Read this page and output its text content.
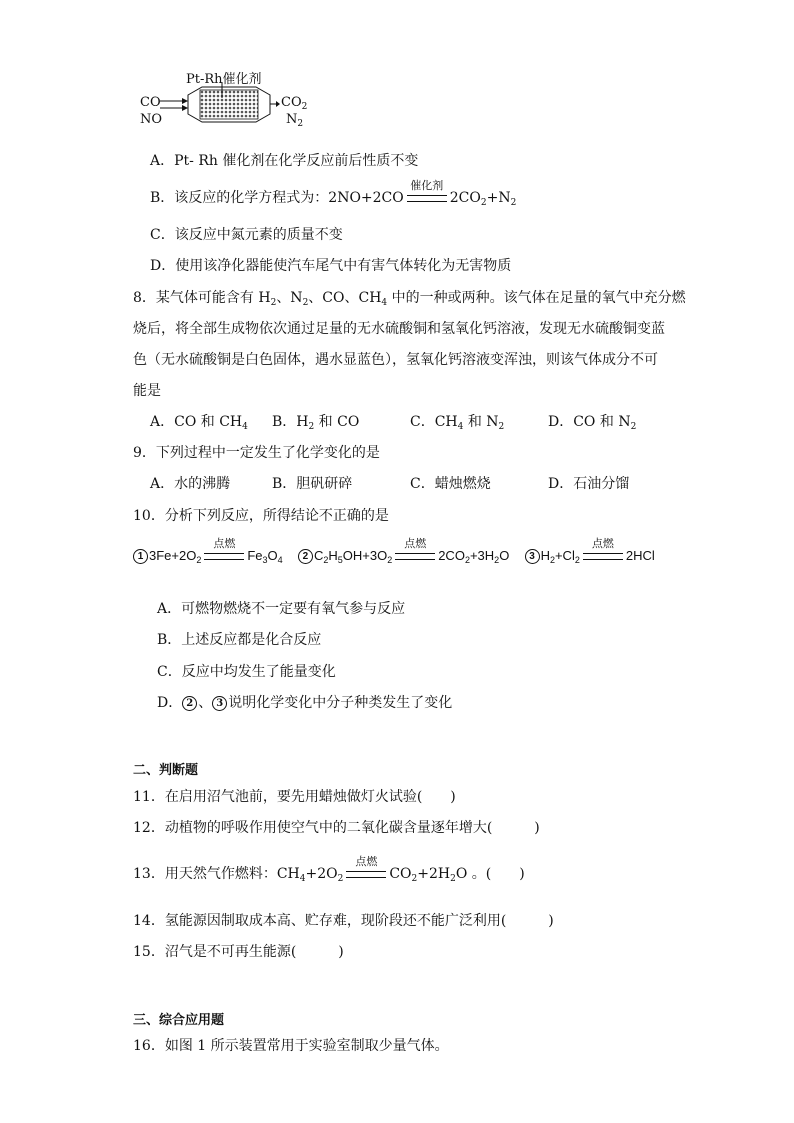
Pt-Rh催化剂
CO
NO
$CO_2$
$N_2$
A．Pt- Rh 催化剂在化学反应前后性质不变
B．该反应的化学方程式为：2NO+2CO
催化剂
$2CO_2+N_2$
C．该反应中氮元素的质量不变
D．使用该净化器能使汽车尾气中有害气体转化为无害物质
8．某气体可能含有 $H_2$、$N_2$、CO、$CH_4$ 中的一种或两种。该气体在足量的氧气中充分燃
烧后，将全部生成物依次通过足量的无水硫酸铜和氢氧化钙溶液，发现无水硫酸铜变蓝
色（无水硫酸铜是白色固体，遇水显蓝色），氢氧化钙溶液变浑浊，则该气体成分不可
能是
A．CO 和 $CH_4$ B．$H_2$ 和 CO	C．$CH_4$ 和 $N_2$	D．CO 和 $N_2$
9．下列过程中一定发生了化学变化的是
A．水的沸腾	B．胆矾研碎	C．蜡烛燃烧	D．石油分馏
10．分析下列反应，所得结论不正确的是
1 $3Fe+2O_2$
点燃
$Fe_3O_4$ 2 $C_2H_5OH+3O_2$
点燃
$2CO_2+3H_2O$ 3 $H_2+Cl_2$
点燃
2HCl
A．可燃物燃烧不一定要有氧气参与反应
B．上述反应都是化合反应
C．反应中均发生了能量变化
D． 2 、 3 说明化学变化中分子种类发生了变化
二、判断题
11．在启用沼气池前，要先用蜡烛做灯火试验(　　)
12．动植物的呼吸作用使空气中的二氧化碳含量逐年增大(　　　)
13．用天然气作燃料：$CH_4+2O_2$
点燃
$CO_2+2H_2O$ 。(　　)
14．氢能源因制取成本高、贮存难，现阶段还不能广泛利用(　　　)
15．沼气是不可再生能源(　　　)
三、综合应用题
16．如图 1 所示装置常用于实验室制取少量气体。
